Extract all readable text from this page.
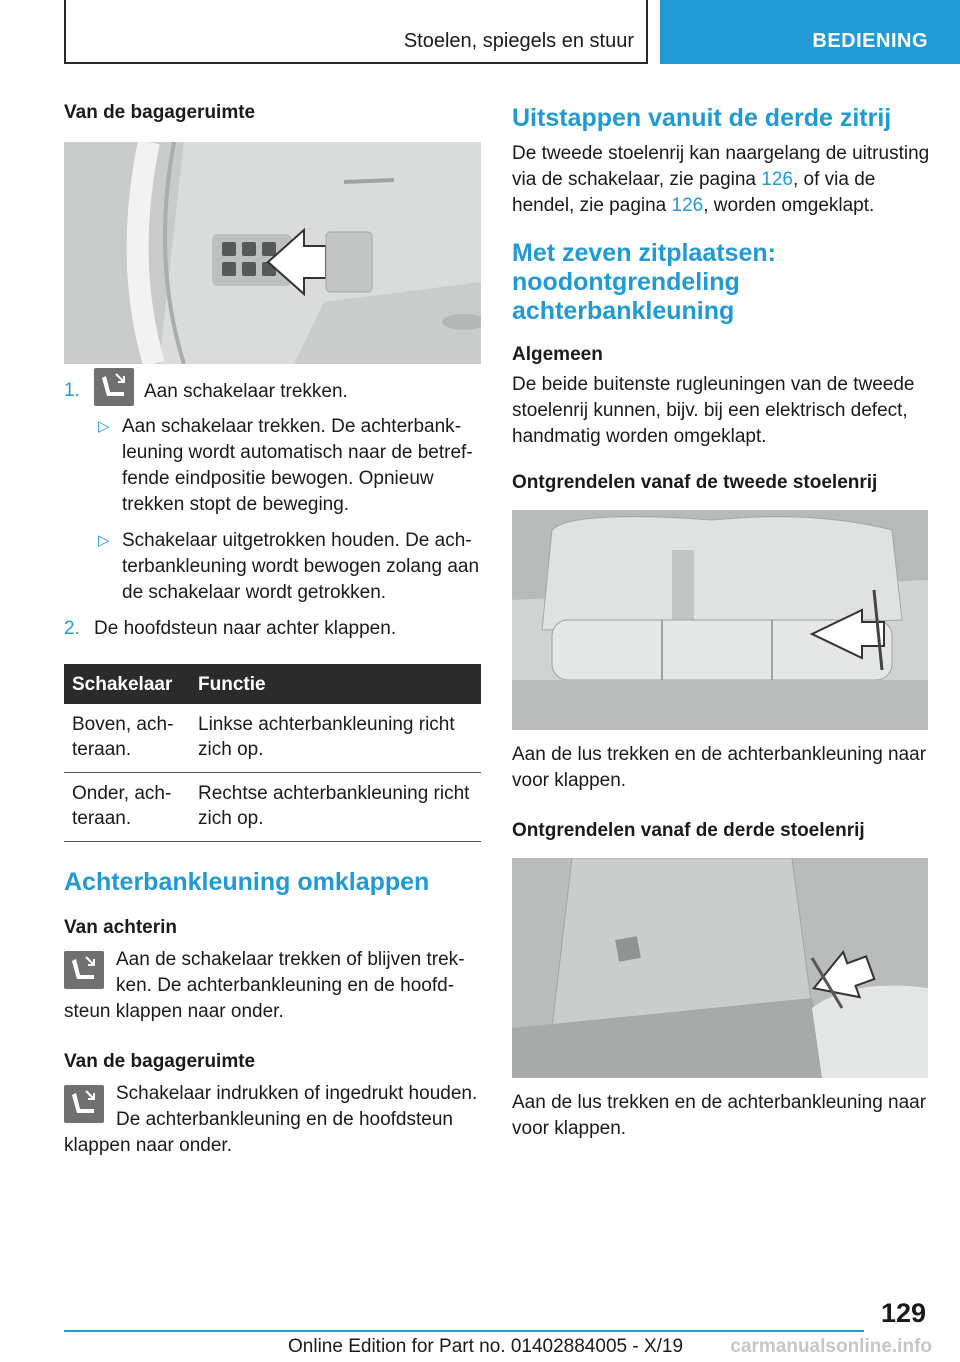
Stoelen, spiegels en stuur	BEDIENING

Van de bagageruimte

1.	Aan schakelaar trekken.
▷ Aan schakelaar trekken. De achterbankleuning wordt automatisch naar de betreffende eindpositie bewogen. Opnieuw trekken stopt de beweging.
▷ Schakelaar uitgetrokken houden. De achterbankleuning wordt bewogen zolang aan de schakelaar wordt getrokken.
2. De hoofdsteun naar achter klappen.
Schakelaar	Functie
Boven, achteraan.	Linkse achterbankleuning richt zich op.
Onder, achteraan.	Rechtse achterbankleuning richt zich op.

Achterbankleuning omklappen

Van achterin

Aan de schakelaar trekken of blijven trekken. De achterbankleuning en de hoofdsteun klappen naar onder.

Van de bagageruimte

Schakelaar indrukken of ingedrukt houden. De achterbankleuning en de hoofdsteun klappen naar onder.

Uitstappen vanuit de derde zitrij

De tweede stoelenrij kan naargelang de uitrusting via de schakelaar, zie pagina 126, of via de hendel, zie pagina 126, worden omgeklapt.

Met zeven zitplaatsen: noodontgrendeling achterbankleuning

Algemeen

De beide buitenste rugleuningen van de tweede stoelenrij kunnen, bijv. bij een elektrisch defect, handmatig worden omgeklapt.

Ontgrendelen vanaf de tweede stoelenrij

Aan de lus trekken en de achterbankleuning naar voor klappen.

Ontgrendelen vanaf de derde stoelenrij

Aan de lus trekken en de achterbankleuning naar voor klappen.

129
Online Edition for Part no. 01402884005 - X/19 carmanualsonline.info
